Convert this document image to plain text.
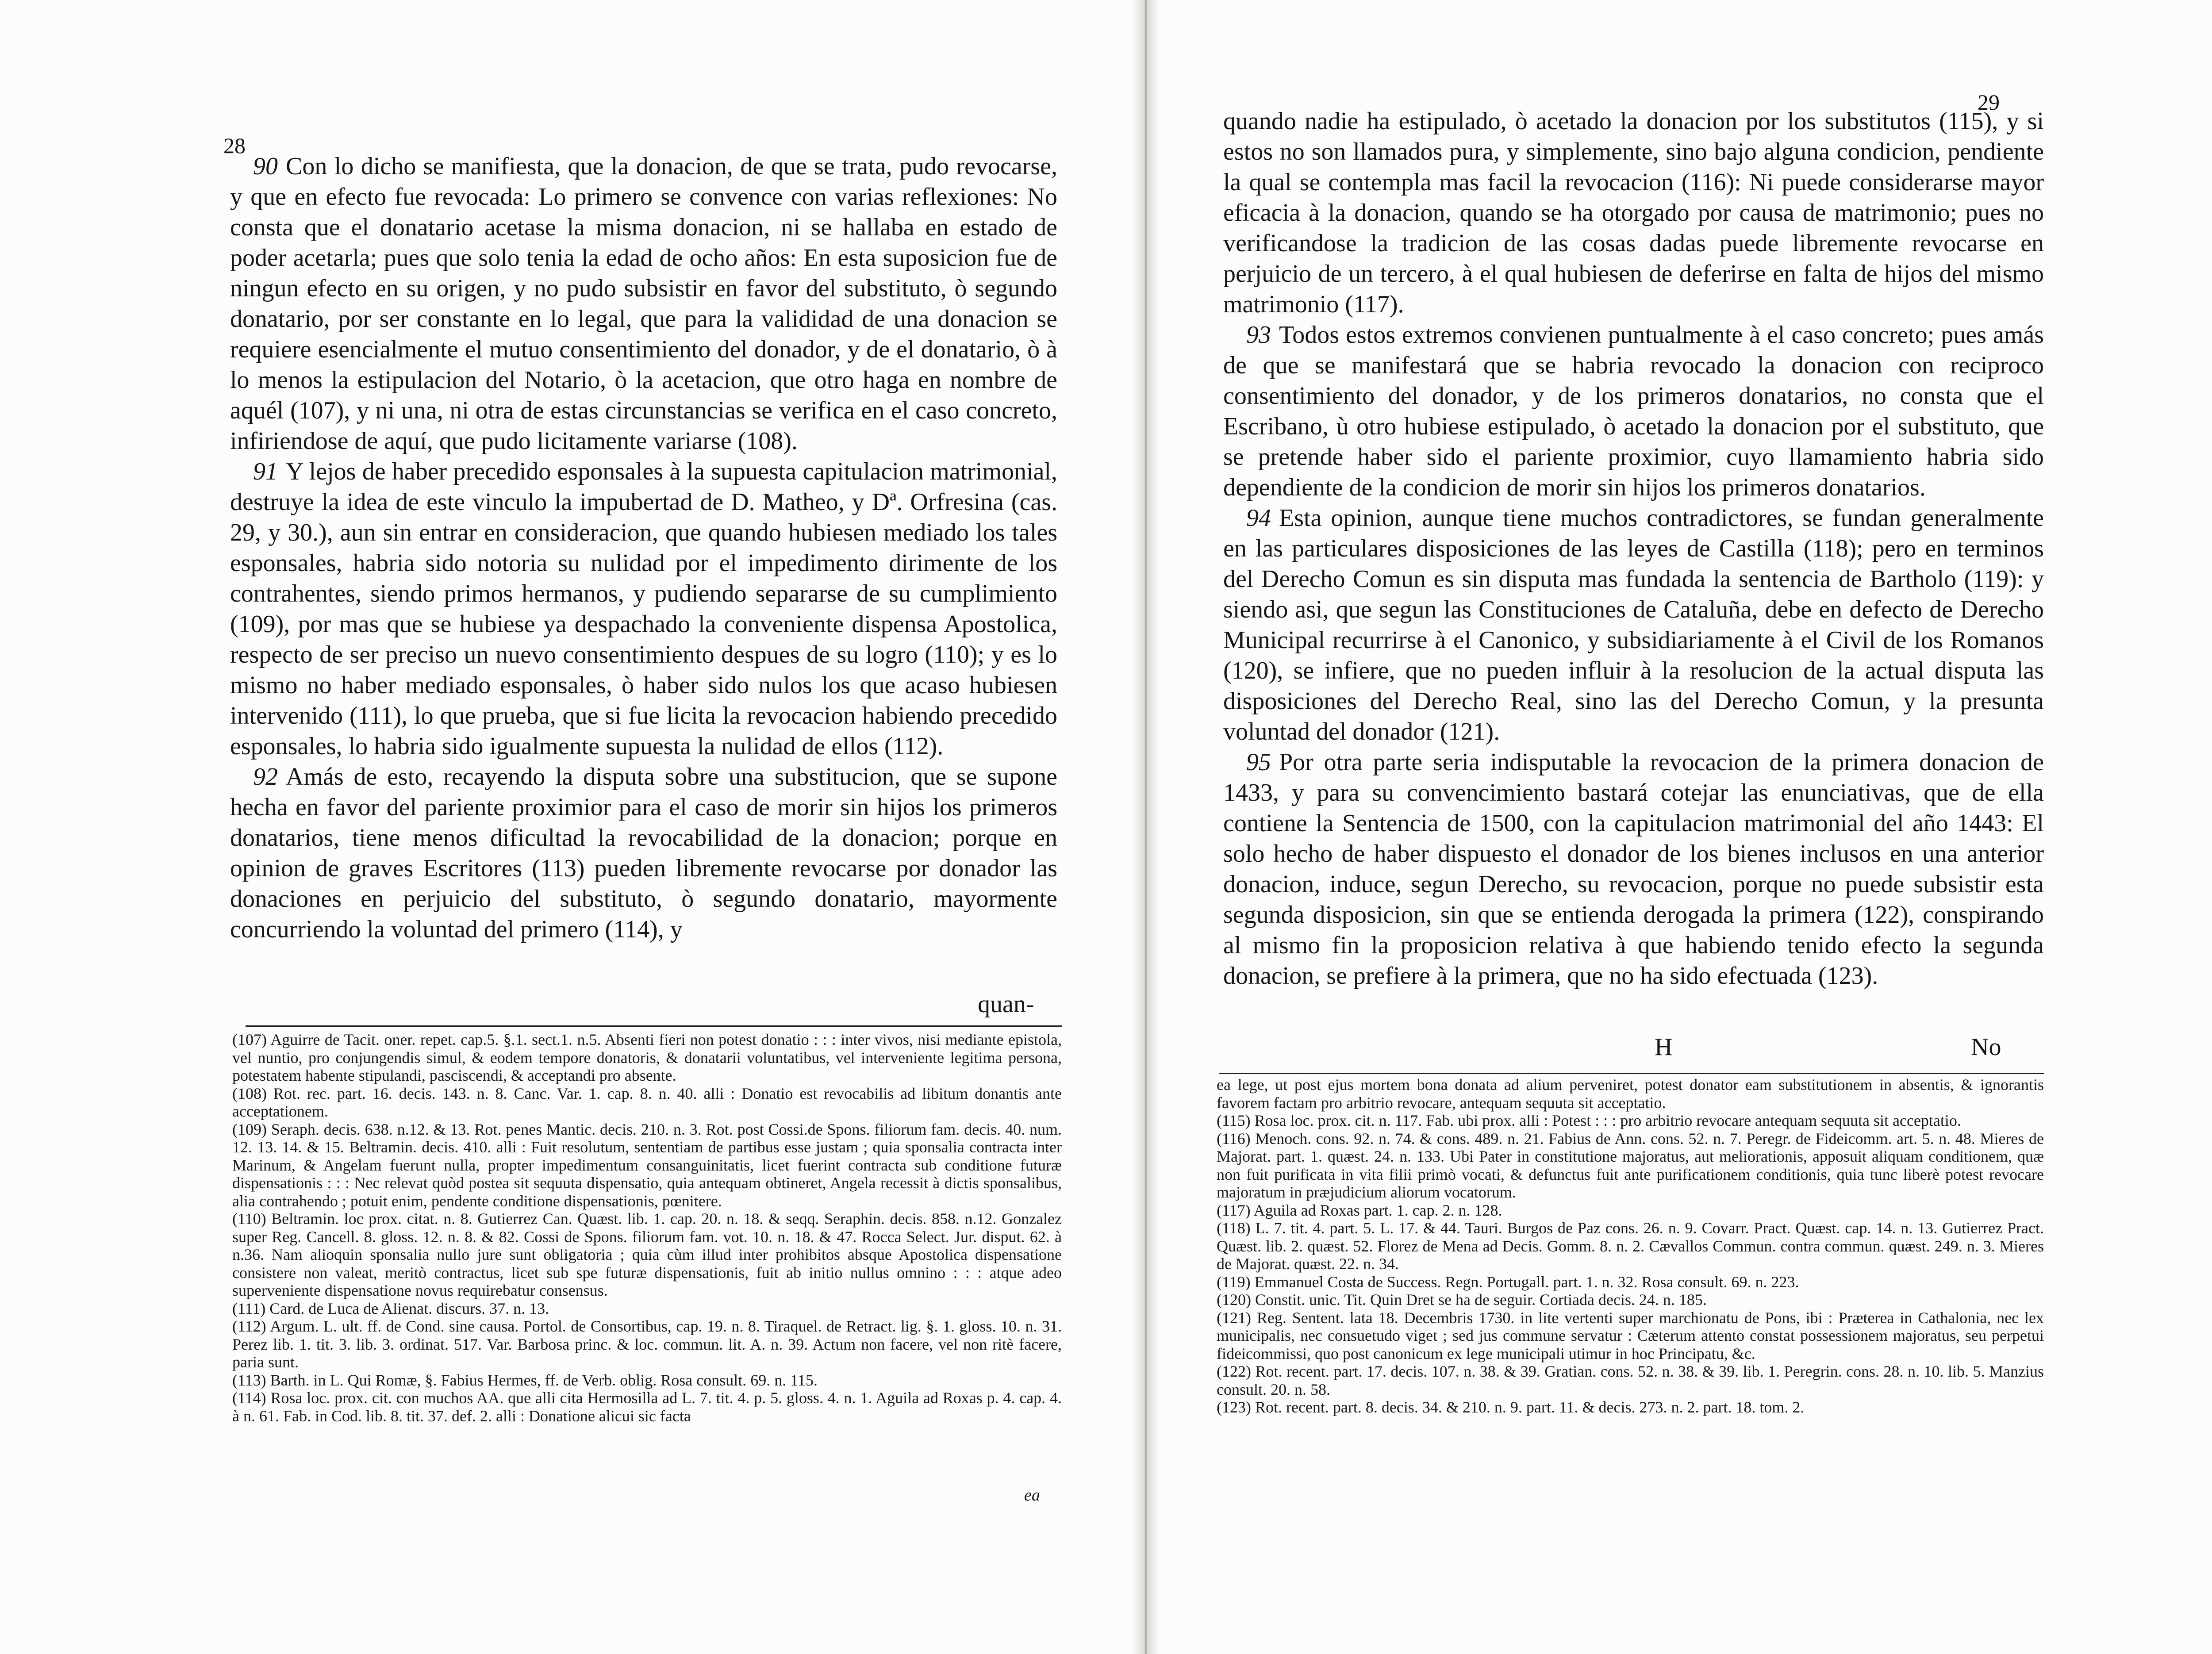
28

90 Con lo dicho se manifiesta, que la donacion, de que se trata, pudo revocarse, y que en efecto fue revocada: Lo primero se convence con varias reflexiones: No consta que el donatario acetase la misma donacion, ni se hallaba en estado de poder acetarla; pues que solo tenia la edad de ocho años: En esta suposicion fue de ningun efecto en su origen, y no pudo subsistir en favor del substituto, ò segundo donatario, por ser constante en lo legal, que para la valididad de una donacion se requiere esencialmente el mutuo consentimiento del donador, y de el donatario, ò à lo menos la estipulacion del Notario, ò la acetacion, que otro haga en nombre de aquél (107), y ni una, ni otra de estas circunstancias se verifica en el caso concreto, infiriendose de aquí, que pudo licitamente variarse (108).

91 Y lejos de haber precedido esponsales à la supuesta capitulacion matrimonial, destruye la idea de este vinculo la impubertad de D. Matheo, y Dª. Orfresina (cas. 29, y 30.), aun sin entrar en consideracion, que quando hubiesen mediado los tales esponsales, habria sido notoria su nulidad por el impedimento dirimente de los contrahentes, siendo primos hermanos, y pudiendo separarse de su cumplimiento (109), por mas que se hubiese ya despachado la conveniente dispensa Apostolica, respecto de ser preciso un nuevo consentimiento despues de su logro (110); y es lo mismo no haber mediado esponsales, ò haber sido nulos los que acaso hubiesen intervenido (111), lo que prueba, que si fue licita la revocacion habiendo precedido esponsales, lo habria sido igualmente supuesta la nulidad de ellos (112).

92 Amás de esto, recayendo la disputa sobre una substitucion, que se supone hecha en favor del pariente proximior para el caso de morir sin hijos los primeros donatarios, tiene menos dificultad la revocabilidad de la donacion; porque en opinion de graves Escritores (113) pueden libremente revocarse por donador las donaciones en perjuicio del substituto, ò segundo donatario, mayormente concurriendo la voluntad del primero (114), y

quan-

(107) Aguirre de Tacit. oner. repet. cap.5. §.1. sect.1. n.5. Absenti fieri non potest donatio : : : inter vivos, nisi mediante epistola, vel nuntio, pro conjungendis simul, & eodem tempore donatoris, & donatarii voluntatibus, vel interveniente legitima persona, potestatem habente stipulandi, pasciscendi, & acceptandi pro absente.

(108) Rot. rec. part. 16. decis. 143. n. 8. Canc. Var. 1. cap. 8. n. 40. alli : Donatio est revocabilis ad libitum donantis ante acceptationem.

(109) Seraph. decis. 638. n.12. & 13. Rot. penes Mantic. decis. 210. n. 3. Rot. post Cossi.de Spons. filiorum fam. decis. 40. num. 12. 13. 14. & 15. Beltramin. decis. 410. alli : Fuit resolutum, sententiam de partibus esse justam ; quia sponsalia contracta inter Marinum, & Angelam fuerunt nulla, propter impedimentum consanguinitatis, licet fuerint contracta sub conditione futuræ dispensationis : : : Nec relevat quòd postea sit sequuta dispensatio, quia antequam obtineret, Angela recessit à dictis sponsalibus, alia contrahendo ; potuit enim, pendente conditione dispensationis, pœnitere.

(110) Beltramin. loc prox. citat. n. 8. Gutierrez Can. Quæst. lib. 1. cap. 20. n. 18. & seqq. Seraphin. decis. 858. n.12. Gonzalez super Reg. Cancell. 8. gloss. 12. n. 8. & 82. Cossi de Spons. filiorum fam. vot. 10. n. 18. & 47. Rocca Select. Jur. disput. 62. à n.36. Nam alioquin sponsalia nullo jure sunt obligatoria ; quia cùm illud inter prohibitos absque Apostolica dispensatione consistere non valeat, meritò contractus, licet sub spe futuræ dispensationis, fuit ab initio nullus omnino : : : atque adeo superveniente dispensatione novus requirebatur consensus.

(111) Card. de Luca de Alienat. discurs. 37. n. 13.

(112) Argum. L. ult. ff. de Cond. sine causa. Portol. de Consortibus, cap. 19. n. 8. Tiraquel. de Retract. lig. §. 1. gloss. 10. n. 31. Perez lib. 1. tit. 3. lib. 3. ordinat. 517. Var. Barbosa princ. & loc. commun. lit. A. n. 39. Actum non facere, vel non ritè facere, paria sunt.

(113) Barth. in L. Qui Romæ, §. Fabius Hermes, ff. de Verb. oblig. Rosa consult. 69. n. 115.

(114) Rosa loc. prox. cit. con muchos AA. que alli cita Hermosilla ad L. 7. tit. 4. p. 5. gloss. 4. n. 1. Aguila ad Roxas p. 4. cap. 4. à n. 61. Fab. in Cod. lib. 8. tit. 37. def. 2. alli : Donatione alicui sic facta

ea
29

quando nadie ha estipulado, ò acetado la donacion por los substitutos (115), y si estos no son llamados pura, y simplemente, sino bajo alguna condicion, pendiente la qual se contempla mas facil la revocacion (116): Ni puede considerarse mayor eficacia à la donacion, quando se ha otorgado por causa de matrimonio; pues no verificandose la tradicion de las cosas dadas puede libremente revocarse en perjuicio de un tercero, à el qual hubiesen de deferirse en falta de hijos del mismo matrimonio (117).

93 Todos estos extremos convienen puntualmente à el caso concreto; pues amás de que se manifestará que se habria revocado la donacion con reciproco consentimiento del donador, y de los primeros donatarios, no consta que el Escribano, ù otro hubiese estipulado, ò acetado la donacion por el substituto, que se pretende haber sido el pariente proximior, cuyo llamamiento habria sido dependiente de la condicion de morir sin hijos los primeros donatarios.

94 Esta opinion, aunque tiene muchos contradictores, se fundan generalmente en las particulares disposiciones de las leyes de Castilla (118); pero en terminos del Derecho Comun es sin disputa mas fundada la sentencia de Bartholo (119): y siendo asi, que segun las Constituciones de Cataluña, debe en defecto de Derecho Municipal recurrirse à el Canonico, y subsidiariamente à el Civil de los Romanos (120), se infiere, que no pueden influir à la resolucion de la actual disputa las disposiciones del Derecho Real, sino las del Derecho Comun, y la presunta voluntad del donador (121).

95 Por otra parte seria indisputable la revocacion de la primera donacion de 1433, y para su convencimiento bastará cotejar las enunciativas, que de ella contiene la Sentencia de 1500, con la capitulacion matrimonial del año 1443: El solo hecho de haber dispuesto el donador de los bienes inclusos en una anterior donacion, induce, segun Derecho, su revocacion, porque no puede subsistir esta segunda disposicion, sin que se entienda derogada la primera (122), conspirando al mismo fin la proposicion relativa à que habiendo tenido efecto la segunda donacion, se prefiere à la primera, que no ha sido efectuada (123).

H	No

ea lege, ut post ejus mortem bona donata ad alium perveniret, potest donator eam substitutionem in absentis, & ignorantis favorem factam pro arbitrio revocare, antequam sequuta sit acceptatio.

(115) Rosa loc. prox. cit. n. 117. Fab. ubi prox. alli : Potest : : : pro arbitrio revocare antequam sequuta sit acceptatio.

(116) Menoch. cons. 92. n. 74. & cons. 489. n. 21. Fabius de Ann. cons. 52. n. 7. Peregr. de Fideicomm. art. 5. n. 48. Mieres de Majorat. part. 1. quæst. 24. n. 133. Ubi Pater in constitutione majoratus, aut meliorationis, apposuit aliquam conditionem, quæ non fuit purificata in vita filii primò vocati, & defunctus fuit ante purificationem conditionis, quia tunc liberè potest revocare majoratum in præjudicium aliorum vocatorum.

(117) Aguila ad Roxas part. 1. cap. 2. n. 128.

(118) L. 7. tit. 4. part. 5. L. 17. & 44. Tauri. Burgos de Paz cons. 26. n. 9. Covarr. Pract. Quæst. cap. 14. n. 13. Gutierrez Pract. Quæst. lib. 2. quæst. 52. Florez de Mena ad Decis. Gomm. 8. n. 2. Cævallos Commun. contra commun. quæst. 249. n. 3. Mieres de Majorat. quæst. 22. n. 34.

(119) Emmanuel Costa de Success. Regn. Portugall. part. 1. n. 32. Rosa consult. 69. n. 223.

(120) Constit. unic. Tit. Quin Dret se ha de seguir. Cortiada decis. 24. n. 185.

(121) Reg. Sentent. lata 18. Decembris 1730. in lite vertenti super marchionatu de Pons, ibi : Præterea in Cathalonia, nec lex municipalis, nec consuetudo viget ; sed jus commune servatur : Cæterum attento constat possessionem majoratus, seu perpetui fideicommissi, quo post canonicum ex lege municipali utimur in hoc Principatu, &c.

(122) Rot. recent. part. 17. decis. 107. n. 38. & 39. Gratian. cons. 52. n. 38. & 39. lib. 1. Peregrin. cons. 28. n. 10. lib. 5. Manzius consult. 20. n. 58.

(123) Rot. recent. part. 8. decis. 34. & 210. n. 9. part. 11. & decis. 273. n. 2. part. 18. tom. 2.
